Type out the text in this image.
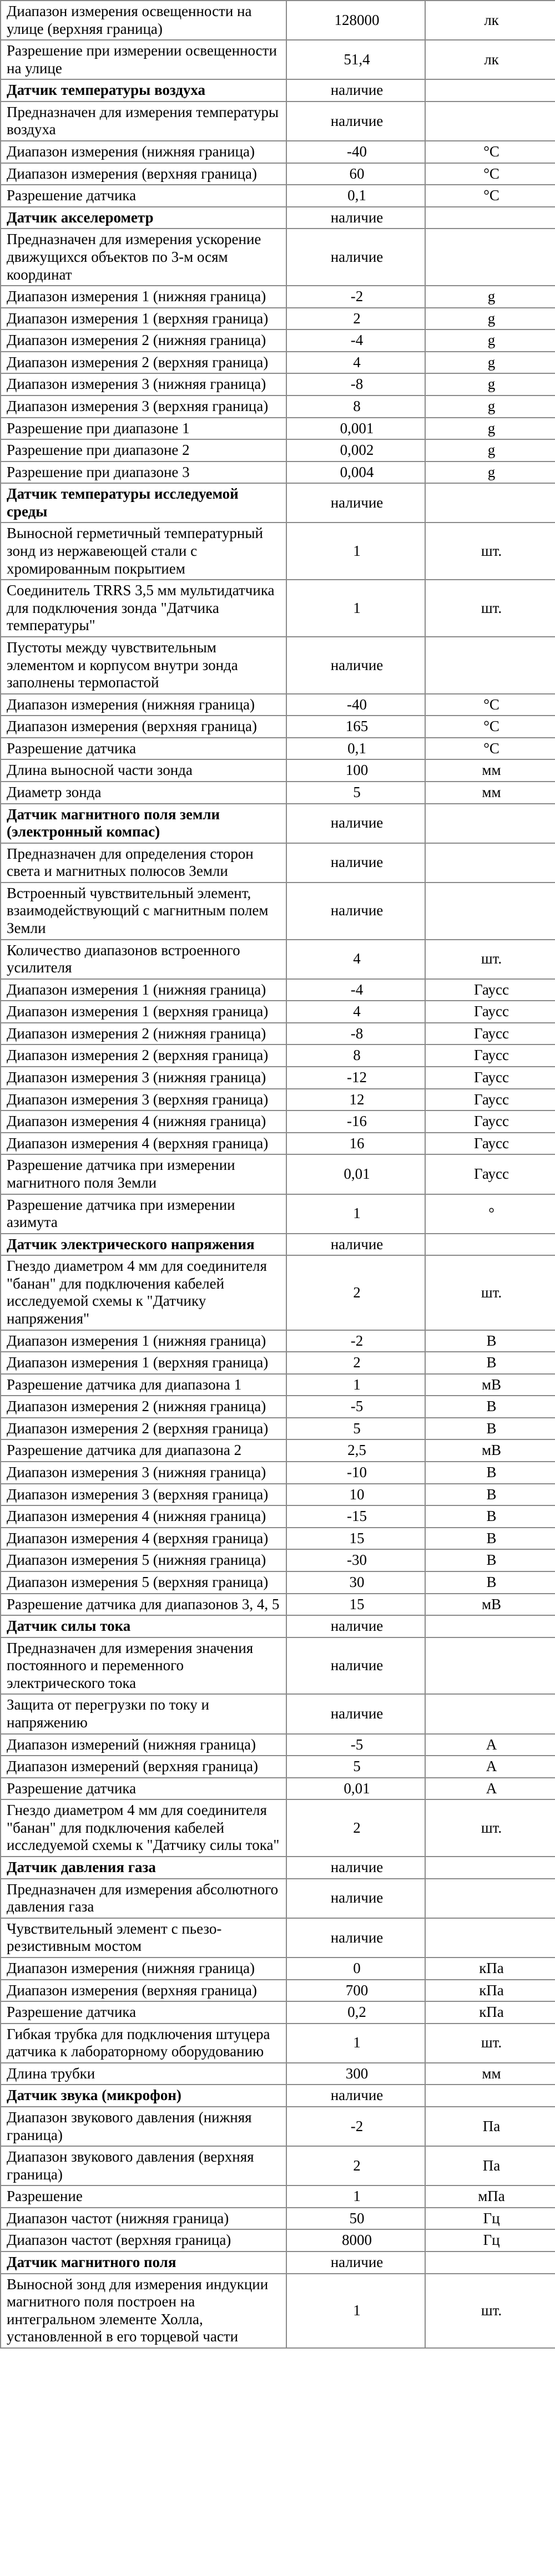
Диапазон измерения освещенности на улице (верхняя граница)	128000	лк
Разрешение при измерении освещенности на улице	51,4	лк
Датчик температуры воздуха	наличие	
Предназначен для измерения температуры воздуха	наличие	
Диапазон измерения (нижняя граница)	-40	°C
Диапазон измерения (верхняя граница)	60	°C
Разрешение датчика	0,1	°C
Датчик акселерометр	наличие	
Предназначен для измерения ускорение движущихся объектов по 3-м осям координат	наличие	
Диапазон измерения 1 (нижняя граница)	-2	g
Диапазон измерения 1 (верхняя граница)	2	g
Диапазон измерения 2 (нижняя граница)	-4	g
Диапазон измерения 2 (верхняя граница)	4	g
Диапазон измерения 3 (нижняя граница)	-8	g
Диапазон измерения 3 (верхняя граница)	8	g
Разрешение при диапазоне 1	0,001	g
Разрешение при диапазоне 2	0,002	g
Разрешение при диапазоне 3	0,004	g
Датчик температуры исследуемой среды	наличие	
Выносной герметичный температурный зонд из нержавеющей стали с хромированным покрытием	1	шт.
Соединитель TRRS 3,5 мм мультидатчика для подключения зонда "Датчика температуры"	1	шт.
Пустоты между чувствительным элементом и корпусом внутри зонда заполнены термопастой	наличие	
Диапазон измерения (нижняя граница)	-40	°C
Диапазон измерения (верхняя граница)	165	°C
Разрешение датчика	0,1	°C
Длина выносной части зонда	100	мм
Диаметр зонда	5	мм
Датчик магнитного поля земли (электронный компас)	наличие	
Предназначен для определения сторон света и магнитных полюсов Земли	наличие	
Встроенный чувствительный элемент, взаимодействующий с магнитным полем Земли	наличие	
Количество диапазонов встроенного усилителя	4	шт.
Диапазон измерения 1 (нижняя граница)	-4	Гаусс
Диапазон измерения 1 (верхняя граница)	4	Гаусс
Диапазон измерения 2 (нижняя граница)	-8	Гаусс
Диапазон измерения 2 (верхняя граница)	8	Гаусс
Диапазон измерения 3 (нижняя граница)	-12	Гаусс
Диапазон измерения 3 (верхняя граница)	12	Гаусс
Диапазон измерения 4 (нижняя граница)	-16	Гаусс
Диапазон измерения 4 (верхняя граница)	16	Гаусс
Разрешение датчика при измерении магнитного поля Земли	0,01	Гаусс
Разрешение датчика при измерении азимута	1	°
Датчик электрического напряжения	наличие	
Гнездо диаметром 4 мм для соединителя "банан" для подключения кабелей исследуемой схемы к "Датчику напряжения"	2	шт.
Диапазон измерения 1 (нижняя граница)	-2	В
Диапазон измерения 1 (верхняя граница)	2	В
Разрешение датчика для диапазона 1	1	мВ
Диапазон измерения 2 (нижняя граница)	-5	В
Диапазон измерения 2 (верхняя граница)	5	В
Разрешение датчика для диапазона 2	2,5	мВ
Диапазон измерения 3 (нижняя граница)	-10	В
Диапазон измерения 3 (верхняя граница)	10	В
Диапазон измерения 4 (нижняя граница)	-15	В
Диапазон измерения 4 (верхняя граница)	15	В
Диапазон измерения 5 (нижняя граница)	-30	В
Диапазон измерения 5 (верхняя граница)	30	В
Разрешение датчика для диапазонов 3, 4, 5	15	мВ
Датчик силы тока	наличие	
Предназначен для измерения значения постоянного и переменного электрического тока	наличие	
Защита от перегрузки по току и напряжению	наличие	
Диапазон измерений (нижняя граница)	-5	А
Диапазон измерений (верхняя граница)	5	А
Разрешение датчика	0,01	А
Гнездо диаметром 4 мм для соединителя "банан" для подключения кабелей исследуемой схемы к "Датчику силы тока"	2	шт.
Датчик давления газа	наличие	
Предназначен для измерения абсолютного давления газа	наличие	
Чувствительный элемент с пьезо-резистивным мостом	наличие	
Диапазон измерения (нижняя граница)	0	кПа
Диапазон измерения (верхняя граница)	700	кПа
Разрешение датчика	0,2	кПа
Гибкая трубка для подключения штуцера датчика к лабораторному оборудованию	1	шт.
Длина трубки	300	мм
Датчик звука (микрофон)	наличие	
Диапазон звукового давления (нижняя граница)	-2	Па
Диапазон звукового давления (верхняя граница)	2	Па
Разрешение	1	мПа
Диапазон частот (нижняя граница)	50	Гц
Диапазон частот (верхняя граница)	8000	Гц
Датчик магнитного поля	наличие	
Выносной зонд для измерения индукции магнитного поля построен на интегральном элементе Холла, установленной в его торцевой части	1	шт.
